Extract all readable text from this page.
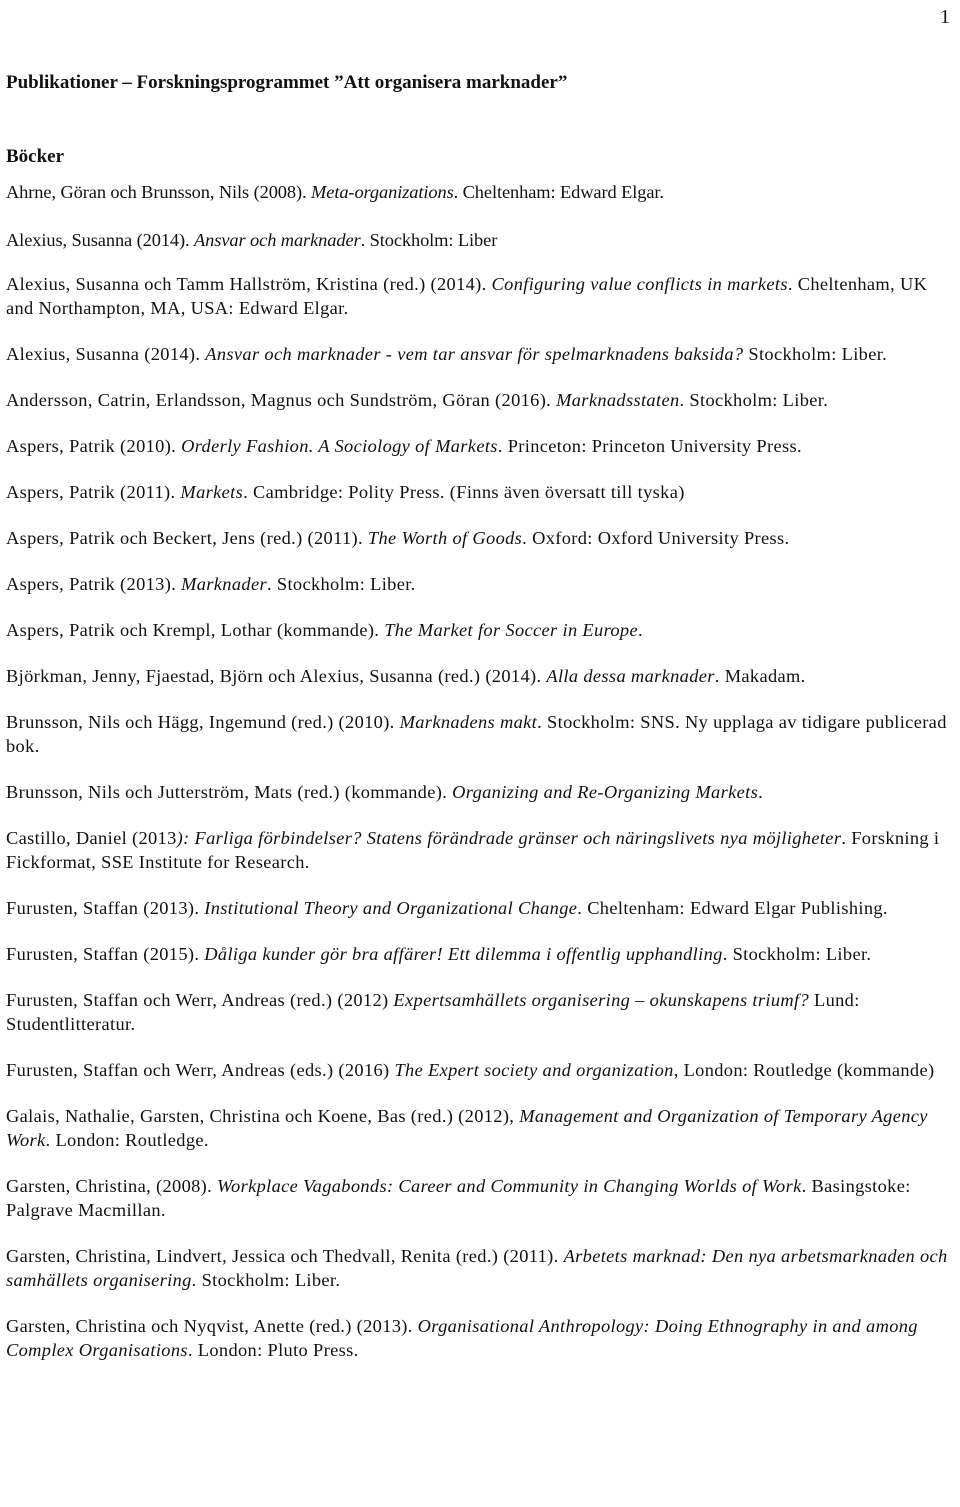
1

Publikationer – Forskningsprogrammet ”Att organisera marknader”

Böcker

Ahrne, Göran och Brunsson, Nils (2008). Meta-organizations. Cheltenham: Edward Elgar.

Alexius, Susanna (2014). Ansvar och marknader. Stockholm: Liber

Alexius, Susanna och Tamm Hallström, Kristina (red.) (2014). Configuring value conflicts in markets. Cheltenham, UK and Northampton, MA, USA: Edward Elgar.

Alexius, Susanna (2014). Ansvar och marknader - vem tar ansvar för spelmarknadens baksida? Stockholm: Liber.

Andersson, Catrin, Erlandsson, Magnus och Sundström, Göran (2016). Marknadsstaten. Stockholm: Liber.

Aspers, Patrik (2010). Orderly Fashion. A Sociology of Markets. Princeton: Princeton University Press.

Aspers, Patrik (2011). Markets. Cambridge: Polity Press. (Finns även översatt till tyska)

Aspers, Patrik och Beckert, Jens (red.) (2011). The Worth of Goods. Oxford: Oxford University Press.

Aspers, Patrik (2013). Marknader. Stockholm: Liber.

Aspers, Patrik och Krempl, Lothar (kommande). The Market for Soccer in Europe.

Björkman, Jenny, Fjaestad, Björn och Alexius, Susanna (red.) (2014). Alla dessa marknader. Makadam.

Brunsson, Nils och Hägg, Ingemund (red.) (2010). Marknadens makt. Stockholm: SNS. Ny upplaga av tidigare publicerad bok.

Brunsson, Nils och Jutterström, Mats (red.) (kommande). Organizing and Re-Organizing Markets.

Castillo, Daniel (2013): Farliga förbindelser? Statens förändrade gränser och näringslivets nya möjligheter. Forskning i Fickformat, SSE Institute for Research.

Furusten, Staffan (2013). Institutional Theory and Organizational Change. Cheltenham: Edward Elgar Publishing.

Furusten, Staffan (2015). Dåliga kunder gör bra affärer! Ett dilemma i offentlig upphandling. Stockholm: Liber.

Furusten, Staffan och Werr, Andreas (red.) (2012) Expertsamhällets organisering – okunskapens triumf? Lund: Studentlitteratur.

Furusten, Staffan och Werr, Andreas (eds.) (2016) The Expert society and organization, London: Routledge (kommande)

Galais, Nathalie, Garsten, Christina och Koene, Bas (red.) (2012), Management and Organization of Temporary Agency Work. London: Routledge.

Garsten, Christina, (2008). Workplace Vagabonds: Career and Community in Changing Worlds of Work. Basingstoke: Palgrave Macmillan.

Garsten, Christina, Lindvert, Jessica och Thedvall, Renita (red.) (2011). Arbetets marknad: Den nya arbetsmarknaden och samhällets organisering. Stockholm: Liber.

Garsten, Christina och Nyqvist, Anette (red.) (2013). Organisational Anthropology: Doing Ethnography in and among Complex Organisations. London: Pluto Press.
